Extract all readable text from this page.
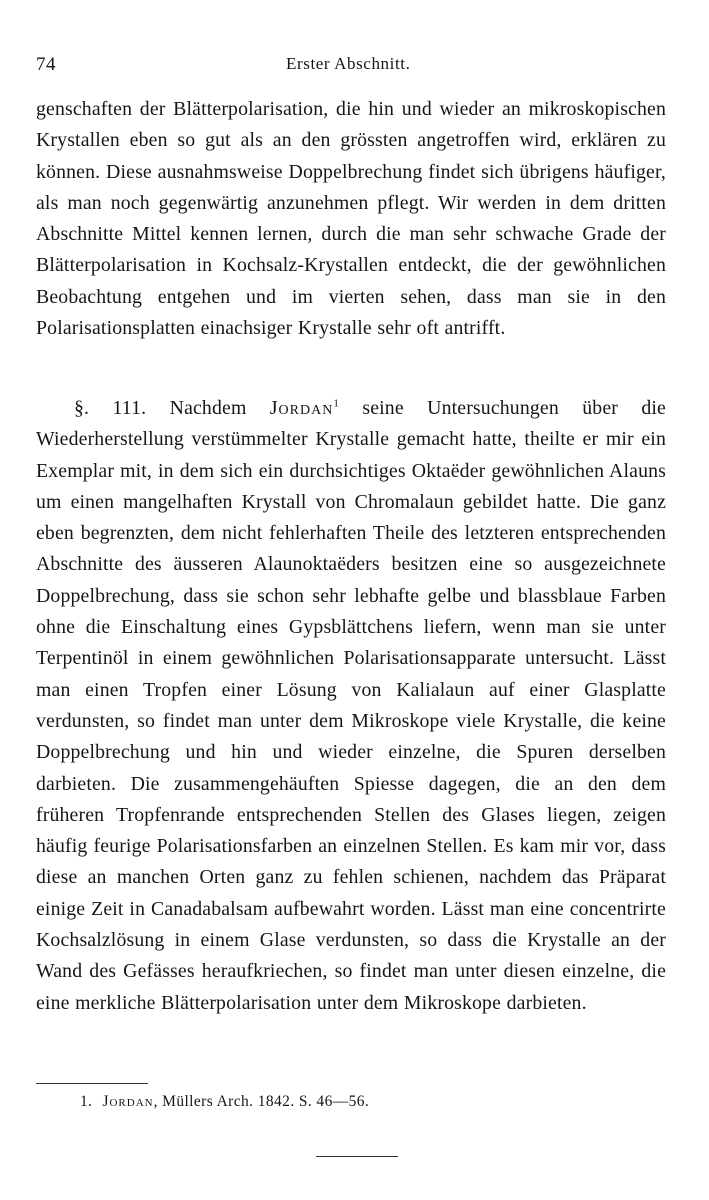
74	Erster Abschnitt.

genschaften der Blätterpolarisation, die hin und wieder an mikroskopischen Krystallen eben so gut als an den grössten angetroffen wird, erklären zu können. Diese ausnahmsweise Doppelbrechung findet sich übrigens häufiger, als man noch gegenwärtig anzunehmen pflegt. Wir werden in dem dritten Abschnitte Mittel kennen lernen, durch die man sehr schwache Grade der Blätterpolarisation in Kochsalz-Krystallen entdeckt, die der gewöhnlichen Beobachtung entgehen und im vierten sehen, dass man sie in den Polarisationsplatten einachsiger Krystalle sehr oft antrifft.

§. 111. Nachdem Jordan$^1$ seine Untersuchungen über die Wiederherstellung verstümmelter Krystalle gemacht hatte, theilte er mir ein Exemplar mit, in dem sich ein durchsichtiges Oktaëder gewöhnlichen Alauns um einen mangelhaften Krystall von Chromalaun gebildet hatte. Die ganz eben begrenzten, dem nicht fehlerhaften Theile des letzteren entsprechenden Abschnitte des äusseren Alaunoktaëders besitzen eine so ausgezeichnete Doppelbrechung, dass sie schon sehr lebhafte gelbe und blassblaue Farben ohne die Einschaltung eines Gypsblättchens liefern, wenn man sie unter Terpentinöl in einem gewöhnlichen Polarisationsapparate untersucht. Lässt man einen Tropfen einer Lösung von Kalialaun auf einer Glasplatte verdunsten, so findet man unter dem Mikroskope viele Krystalle, die keine Doppelbrechung und hin und wieder einzelne, die Spuren derselben darbieten. Die zusammengehäuften Spiesse dagegen, die an den dem früheren Tropfenrande entsprechenden Stellen des Glases liegen, zeigen häufig feurige Polarisationsfarben an einzelnen Stellen. Es kam mir vor, dass diese an manchen Orten ganz zu fehlen schienen, nachdem das Präparat einige Zeit in Canadabalsam aufbewahrt worden. Lässt man eine concentrirte Kochsalzlösung in einem Glase verdunsten, so dass die Krystalle an der Wand des Gefässes heraufkriechen, so findet man unter diesen einzelne, die eine merkliche Blätterpolarisation unter dem Mikroskope darbieten.

1. Jordan, Müllers Arch. 1842. S. 46—56.
